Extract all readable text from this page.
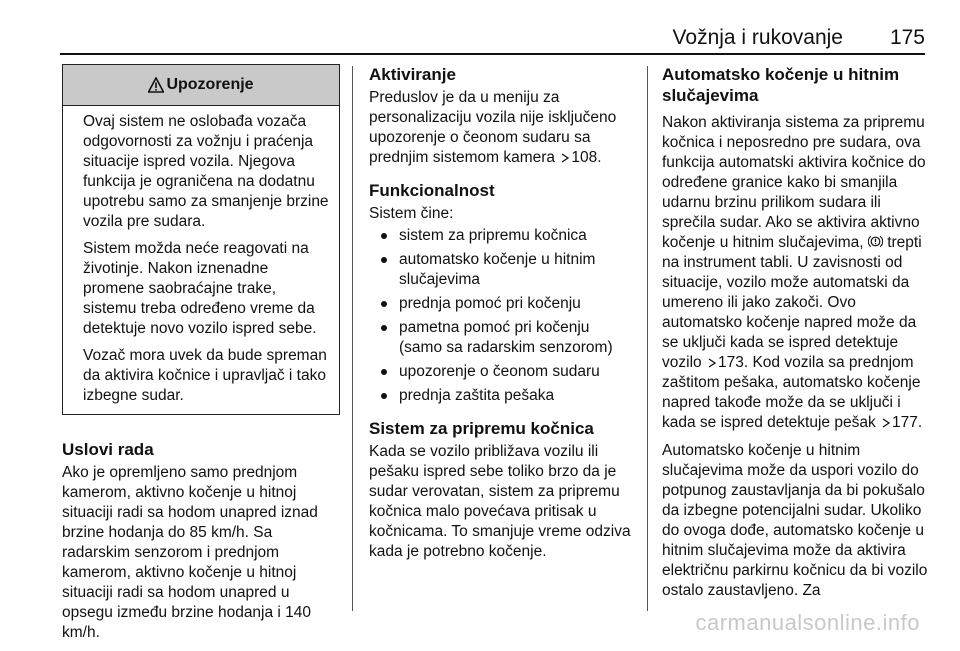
Vožnja i rukovanje 175
Upozorenje

Ovaj sistem ne oslobađa vozača odgovornosti za vožnju i praćenja situacije ispred vozila. Njegova funkcija je ograničena na dodatnu upotrebu samo za smanjenje brzine vozila pre sudara.

Sistem možda neće reagovati na životinje. Nakon iznenadne promene saobraćajne trake, sistemu treba određeno vreme da detektuje novo vozilo ispred sebe.

Vozač mora uvek da bude spreman da aktivira kočnice i upravljač i tako izbegne sudar.

Uslovi rada

Ako je opremljeno samo prednjom kamerom, aktivno kočenje u hitnoj situaciji radi sa hodom unapred iznad brzine hodanja do 85 km/h. Sa radarskim senzorom i prednjom kamerom, aktivno kočenje u hitnoj situaciji radi sa hodom unapred u opsegu između brzine hodanja i 140 km/h.

Aktiviranje

Preduslov je da u meniju za personalizaciju vozila nije isključeno upozorenje o čeonom sudaru sa prednjim sistemom kamera 108.

Funkcionalnost

Sistem čine:

sistem za pripremu kočnica
automatsko kočenje u hitnim slučajevima
prednja pomoć pri kočenju
pametna pomoć pri kočenju (samo sa radarskim senzorom)
upozorenje o čeonom sudaru
prednja zaštita pešaka
Sistem za pripremu kočnica

Kada se vozilo približava vozilu ili pešaku ispred sebe toliko brzo da je sudar verovatan, sistem za pripremu kočnica malo povećava pritisak u kočnicama. To smanjuje vreme odziva kada je potrebno kočenje.

Automatsko kočenje u hitnim slučajevima

Nakon aktiviranja sistema za pripremu kočnica i neposredno pre sudara, ova funkcija automatski aktivira kočnice do određene granice kako bi smanjila udarnu brzinu prilikom sudara ili sprečila sudar. Ako se aktivira aktivno kočenje u hitnim slučajevima, trepti na instrument tabli. U zavisnosti od situacije, vozilo može automatski da umereno ili jako zakoči. Ovo automatsko kočenje napred može da se uključi kada se ispred detektuje vozilo 173. Kod vozila sa prednjom zaštitom pešaka, automatsko kočenje napred takođe može da se uključi i kada se ispred detektuje pešak 177.

Automatsko kočenje u hitnim slučajevima može da uspori vozilo do potpunog zaustavljanja da bi pokušalo da izbegne potencijalni sudar. Ukoliko do ovoga dođe, automatsko kočenje u hitnim slučajevima može da aktivira električnu parkirnu kočnicu da bi vozilo ostalo zaustavljeno. Za

carmanualsonline.info
